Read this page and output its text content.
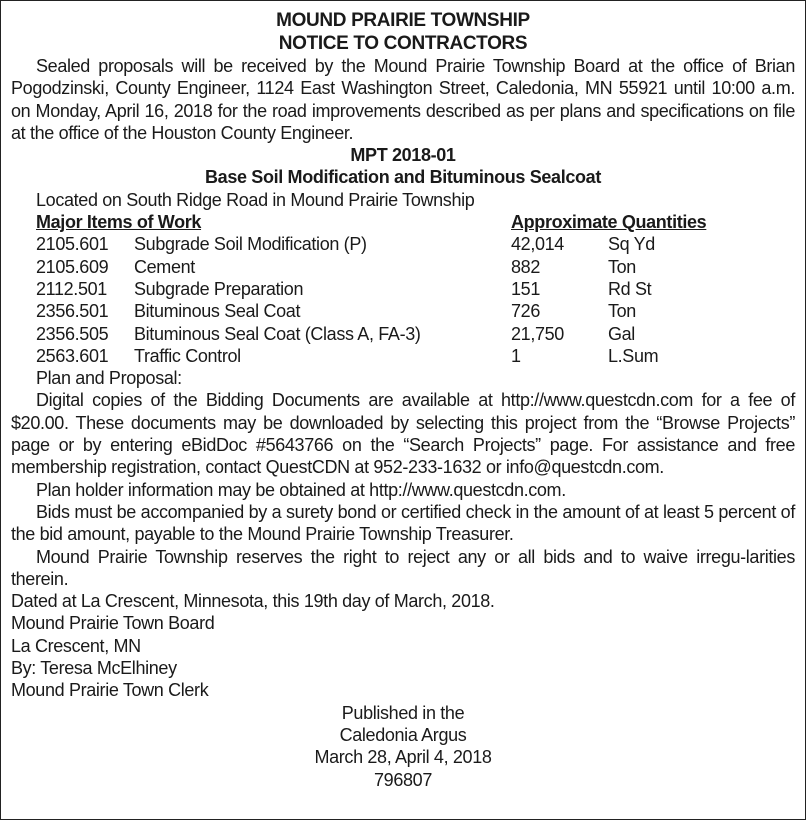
MOUND PRAIRIE TOWNSHIP
NOTICE TO CONTRACTORS

Sealed proposals will be received by the Mound Prairie Township Board at the office of Brian Pogodzinski, County Engineer, 1124 East Washington Street, Caledonia, MN 55921 until 10:00 a.m. on Monday, April 16, 2018 for the road improvements described as per plans and specifications on file at the office of the Houston County Engineer.

MPT 2018-01
Base Soil Modification and Bituminous Sealcoat

Located on South Ridge Road in Mound Prairie Township

Major Items of Work	Approximate Quantities
2105.601	Subgrade Soil Modification (P)	42,014	Sq Yd
2105.609	Cement	882	Ton
2112.501	Subgrade Preparation	151	Rd St
2356.501	Bituminous Seal Coat	726	Ton
2356.505	Bituminous Seal Coat (Class A, FA-3)	21,750	Gal
2563.601	Traffic Control	1	L.Sum

Plan and Proposal:

Digital copies of the Bidding Documents are available at http://www.questcdn.com for a fee of $20.00. These documents may be downloaded by selecting this project from the “Browse Projects” page or by entering eBidDoc #5643766 on the “Search Projects” page. For assistance and free membership registration, contact QuestCDN at 952-233-1632 or info@questcdn.com.

Plan holder information may be obtained at http://www.questcdn.com.

Bids must be accompanied by a surety bond or certified check in the amount of at least 5 percent of the bid amount, payable to the Mound Prairie Township Treasurer.

Mound Prairie Township reserves the right to reject any or all bids and to waive irregu-larities therein.

Dated at La Crescent, Minnesota, this 19th day of March, 2018.

Mound Prairie Town Board
La Crescent, MN
By: Teresa McElhiney
Mound Prairie Town Clerk
Published in the
Caledonia Argus
March 28, April 4, 2018
796807
